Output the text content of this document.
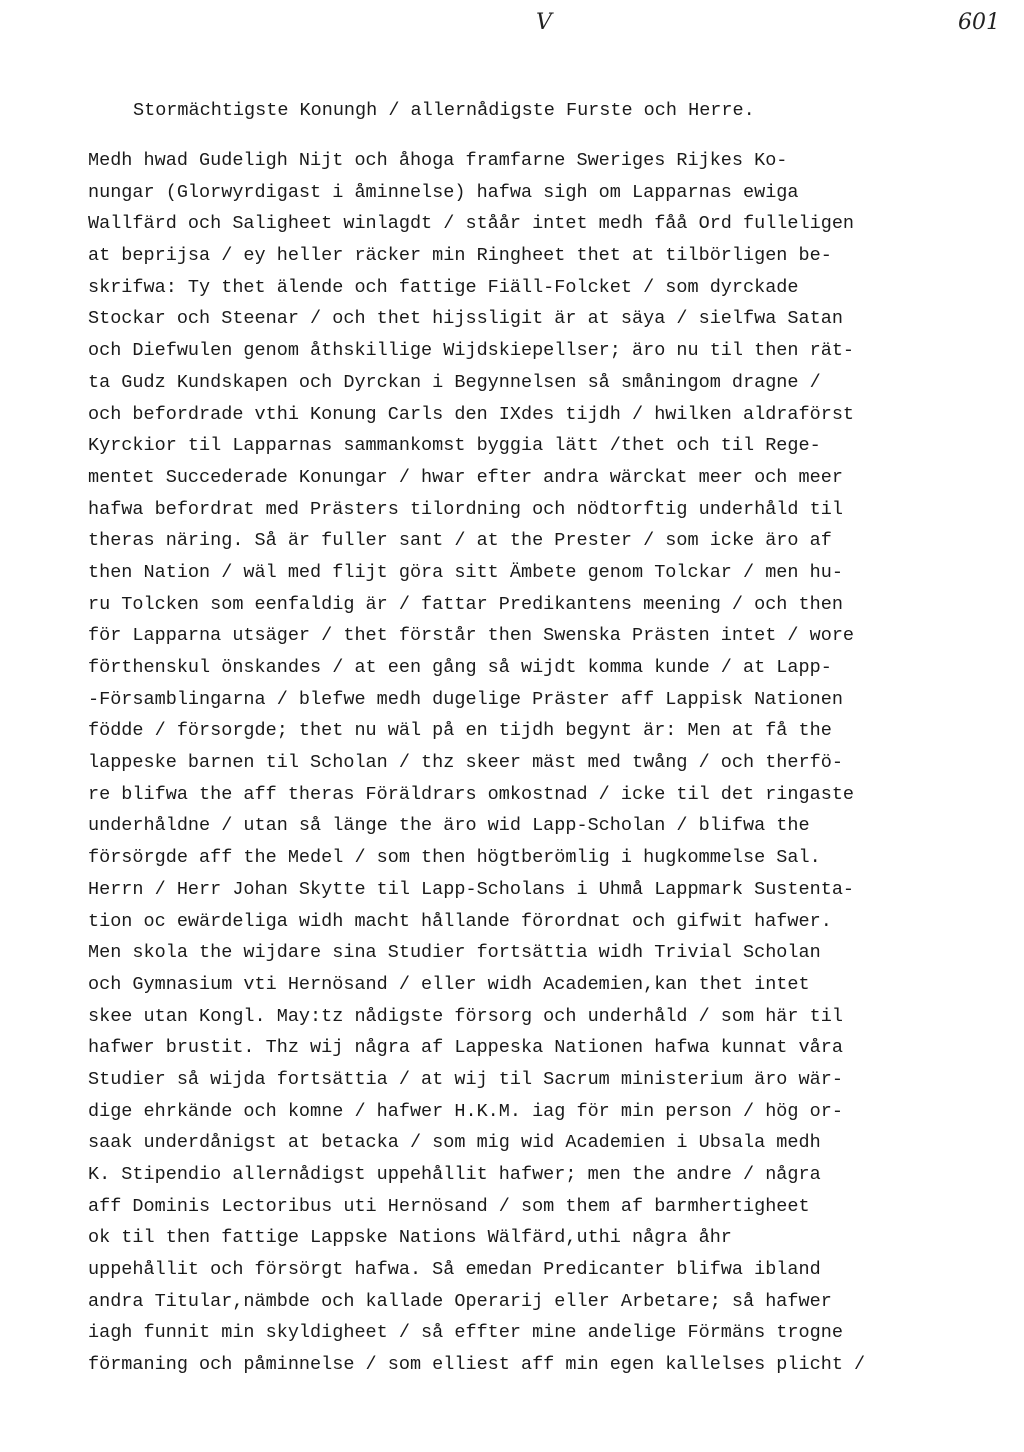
V	601
Stormächtigste Konungh / allernådigste Furste och Herre.
Medh hwad Gudeligh Nijt och åhoga framfarne Sweriges Rijkes Ko-
nungar (Glorwyrdigast i åminnelse) hafwa sigh om Lapparnas ewiga
Wallfärd och Saligheet winlagdt / ståår intet medh fåå Ord fulleligen
at beprijsa / ey heller räcker min Ringheet thet at tilbörligen be-
skrifwa: Ty thet älende och fattige Fiäll-Folcket / som dyrckade
Stockar och Steenar / och thet hijssligit är at säya / sielfwa Satan
och Diefwulen genom åthskillige Wijdskiepellser; äro nu til then rät-
ta Gudz Kundskapen och Dyrckan i Begynnelsen så småningom dragne /
och befordrade vthi Konung Carls den IXdes tijdh / hwilken aldraförst
Kyrckior til Lapparnas sammankomst byggia lätt /thet och til Rege-
mentet Succederade Konungar / hwar efter andra wärckat meer och meer
hafwa befordrat med Prästers tilordning och nödtorftig underhåld til
theras näring. Så är fuller sant / at the Prester / som icke äro af
then Nation / wäl med flijt göra sitt Ämbete genom Tolckar / men hu-
ru Tolcken som eenfaldig är / fattar Predikantens meening / och then
för Lapparna utsäger / thet förstår then Swenska Prästen intet / wore
förthenskul önskandes / at een gång så wijdt komma kunde / at Lapp-
-Församblingarna / blefwe medh dugelige Präster aff Lappisk Nationen
födde / försorgde; thet nu wäl på en tijdh begynt är: Men at få the
lappeske barnen til Scholan / thz skeer mäst med twång / och therfö-
re blifwa the aff theras Föräldrars omkostnad / icke til det ringaste
underhåldne / utan så länge the äro wid Lapp-Scholan / blifwa the
försörgde aff the Medel / som then högtberömlig i hugkommelse Sal.
Herrn / Herr Johan Skytte til Lapp-Scholans i Uhmå Lappmark Sustenta-
tion oc ewärdeliga widh macht hållande förordnat och gifwit hafwer.
Men skola the wijdare sina Studier fortsättia widh Trivial Scholan
och Gymnasium vti Hernösand / eller widh Academien,kan thet intet
skee utan Kongl. May:tz nådigste försorg och underhåld / som här til
hafwer brustit. Thz wij några af Lappeska Nationen hafwa kunnat våra
Studier så wijda fortsättia / at wij til Sacrum ministerium äro wär-
dige ehrkände och komne / hafwer H.K.M. iag för min person / hög or-
saak underdånigst at betacka / som mig wid Academien i Ubsala medh
K. Stipendio allernådigst uppehållit hafwer; men the andre / några
aff Dominis Lectoribus uti Hernösand / som them af barmhertigheet
ok til then fattige Lappske Nations Wälfärd,uthi några åhr
uppehållit och försörgt hafwa. Så emedan Predicanter blifwa ibland
andra Titular,nämbde och kallade Operarij eller Arbetare; så hafwer
iagh funnit min skyldigheet / så effter mine andelige Förmäns trogne
förmaning och påminnelse / som elliest aff min egen kallelses plicht /
